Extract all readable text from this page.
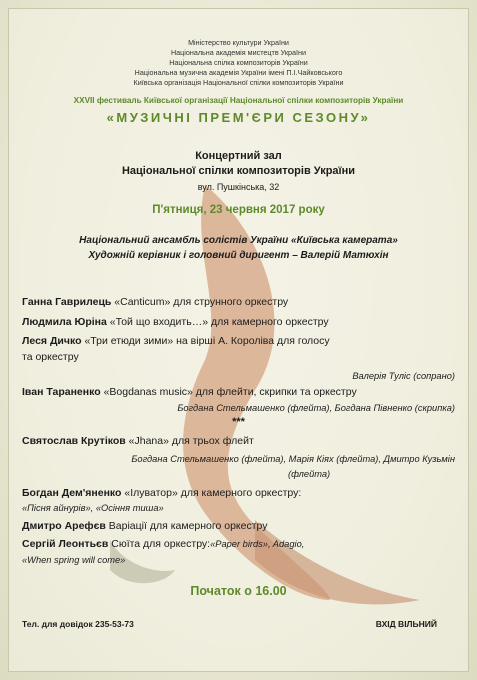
Міністерство культури України
Національна академія мистецтв України
Національна спілка композиторів України
Національна музична академія України імені П.І.Чайковського
Київська організація Національної спілки композиторів України
XXVII фестиваль Київської організації Національної спілки композиторів України
«МУЗИЧНІ ПРЕМ'ЄРИ СЕЗОНУ»
Концертний зал
Національної спілки композиторів України
вул. Пушкінська, 32
П'ятниця, 23 червня 2017 року
Національний ансамбль солістів України «Київська камерата»
Художній керівник і головний диригент – Валерій Матюхін
Ганна Гаврилець «Canticum» для струнного оркестру
Людмила Юріна «Той що входить…» для камерного оркестру
Леся Дичко «Три етюди зими» на вірші А. Короліва для голосу
та оркестру
Валерія Туліс (сопрано)
Іван Тараненко «Bogdanas music» для флейти, скрипки та оркестру
Богдана Стельмашенко (флейта), Богдана Півненко (скрипка)
***
Святослав Крутіков «Jhana» для трьох флейт
Богдана Стельмашенко (флейта), Марія Кіях (флейта), Дмитро Кузьмін
(флейта)
Богдан Дем'яненко «Ілуватор» для камерного оркестру:
«Пісня айнурів», «Осіння тиша»
Дмитро Арефєв Варіації для камерного оркестру
Сергій Леонтьєв Сюїта для оркестру:«Paper birds», Adagio,
«When spring will come»
Початок о 16.00
Тел. для довідок 235-53-73	ВХІД ВІЛЬНИЙ
